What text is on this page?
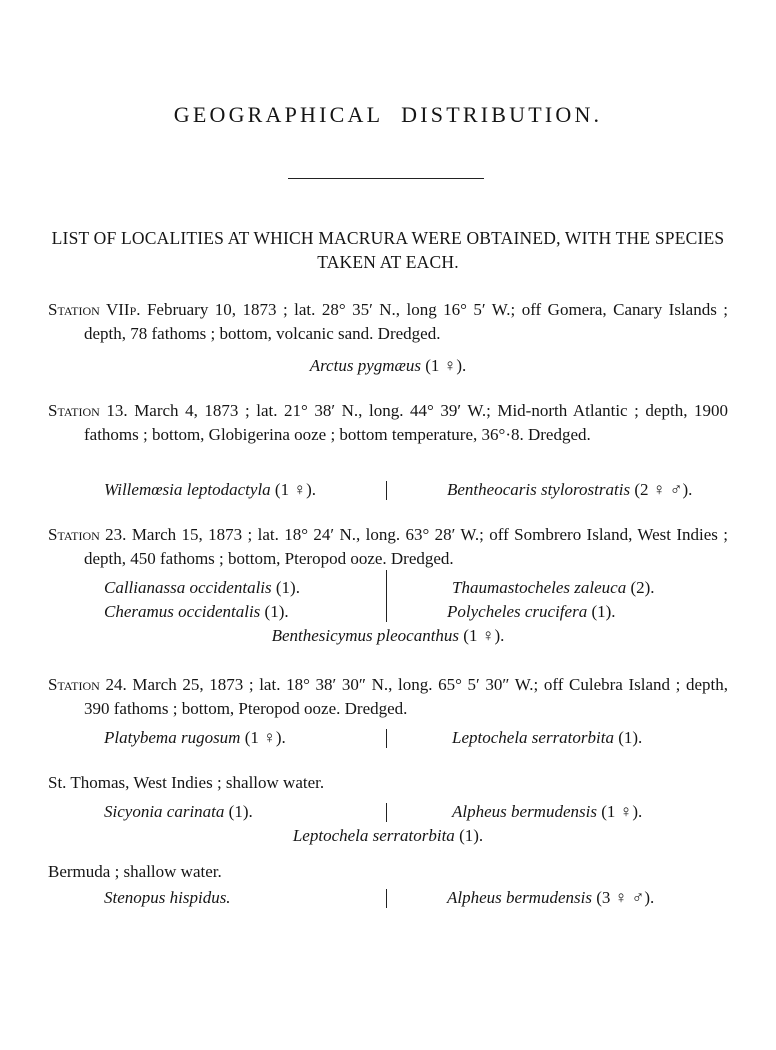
GEOGRAPHICAL DISTRIBUTION.
LIST OF LOCALITIES AT WHICH MACRURA WERE OBTAINED, WITH THE SPECIES TAKEN AT EACH.
Station VIIp. February 10, 1873 ; lat. 28° 35′ N., long 16° 5′ W.; off Gomera, Canary Islands ; depth, 78 fathoms ; bottom, volcanic sand. Dredged.
Arctus pygmæus (1 ♀).
Station 13. March 4, 1873 ; lat. 21° 38′ N., long. 44° 39′ W.; Mid-north Atlantic ; depth, 1900 fathoms ; bottom, Globigerina ooze ; bottom temperature, 36°·8. Dredged.
Willemœsia leptodactyla (1 ♀).	Bentheocaris stylorostratis (2 ♀ ♂).
Station 23. March 15, 1873 ; lat. 18° 24′ N., long. 63° 28′ W.; off Sombrero Island, West Indies ; depth, 450 fathoms ; bottom, Pteropod ooze. Dredged.
Callianassa occidentalis (1).	Thaumastocheles zaleuca (2).
Cheramus occidentalis (1).	Polycheles crucifera (1).
Benthesicymus pleocanthus (1 ♀).
Station 24. March 25, 1873 ; lat. 18° 38′ 30″ N., long. 65° 5′ 30″ W.; off Culebra Island ; depth, 390 fathoms ; bottom, Pteropod ooze. Dredged.
Platybema rugosum (1 ♀).	Leptochela serratorbita (1).
St. Thomas, West Indies ; shallow water.
Sicyonia carinata (1).	Alpheus bermudensis (1 ♀).
Leptochela serratorbita (1).
Bermuda ; shallow water.
Stenopus hispidus.	Alpheus bermudensis (3 ♀ ♂).
